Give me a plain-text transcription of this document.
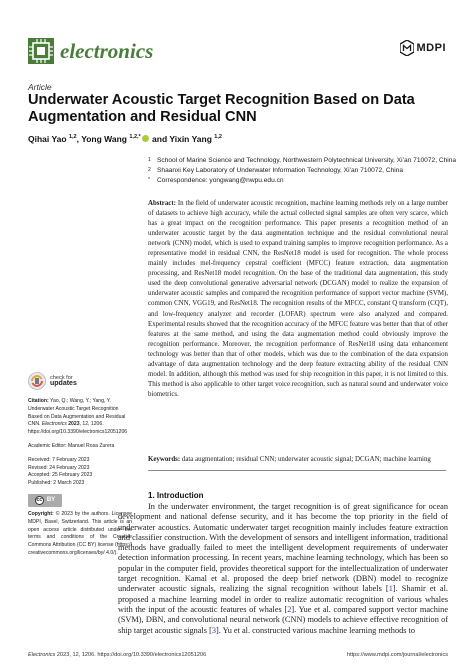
electronics	MDPI
Article
Underwater Acoustic Target Recognition Based on Data Augmentation and Residual CNN
Qihai Yao $^{1,2}$, Yong Wang $^{1,2,*}$ and Yixin Yang $^{1,2}$
1 School of Marine Science and Technology, Northwestern Polytechnical University, Xi’an 710072, China
2 Shaanxi Key Laboratory of Underwater Information Technology, Xi’an 710072, China
* Correspondence: yongwang@nwpu.edu.cn
Abstract: In the field of underwater acoustic recognition, machine learning methods rely on a large number of datasets to achieve high accuracy, while the actual collected signal samples are often very scarce, which has a great impact on the recognition performance. This paper presents a recognition method of an underwater acoustic target by the data augmentation technique and the residual convolutional neural network (CNN) model, which is used to expand training samples to improve recognition performance. As a representative model in residual CNN, the ResNet18 model is used for recognition. The whole process mainly includes mel-frequency cepstral coefficient (MFCC) feature extraction, data augmentation processing, and ResNet18 model recognition. On the base of the traditional data augmentation, this study used the deep convolutional generative adversarial network (DCGAN) model to realize the expansion of underwater acoustic samples and compared the recognition performance of support vector machine (SVM), common CNN, VGG19, and ResNet18. The recognition results of the MFCC, constant Q transform (CQT), and low-frequency analyzer and recorder (LOFAR) spectrum were also analyzed and compared. Experimental results showed that the recognition accuracy of the MFCC feature was better than that of other features at the same method, and using the data augmentation method could obviously improve the recognition performance. Moreover, the recognition performance of ResNet18 using data enhancement technology was better than that of other models, which was due to the combination of the data expansion advantage of data augmentation technology and the deep feature extracting ability of the residual CNN model. In addition, although this method was used for ship recognition in this paper, it is not limited to this. This method is also applicable to other target voice recognition, such as natural sound and underwater voice biometrics.
Keywords: data augmentation; residual CNN; underwater acoustic signal; DCGAN; machine learning
check for
updates
Citation: Yao, Q.; Wang, Y.; Yang, Y. Underwater Acoustic Target Recognition Based on Data Augmentation and Residual CNN. Electronics 2023, 12, 1206. https://doi.org/10.3390/electronics12051206
Academic Editor: Manuel Rosa Zurera
Received: 7 February 2023
Revised: 24 February 2023
Accepted: 25 February 2023
Published: 2 March 2023
cc BY
Copyright: © 2023 by the authors. Licensee MDPI, Basel, Switzerland. This article is an open access article distributed under the terms and conditions of the Creative Commons Attribution (CC BY) license (https:// creativecommons.org/licenses/by/ 4.0/).
1. Introduction
In the underwater environment, the target recognition is of great significance for ocean development and national defense security, and it has become the top priority in the field of underwater acoustics. Automatic underwater target recognition mainly includes feature extraction and classifier construction. With the development of sensors and intelligent information, traditional methods have gradually failed to meet the intelligent development requirements of underwater detection information processing. In recent years, machine learning technology, which has been so popular in the computer field, provides theoretical support for the intellectualization of underwater target recognition. Kamal et al. proposed the deep brief network (DBN) model to recognize underwater acoustic signals, realizing the signal recognition without labels [1]. Shamir et al. proposed a machine learning model in order to realize automatic recognition of various whales with the input of the acoustic features of whales [2]. Yue et al. compared support vector machine (SVM), DBN, and convolutional neural network (CNN) models to achieve effective recognition of ship target acoustic signals [3]. Yu et al. constructed various machine learning methods to
Electronics 2023, 12, 1206. https://doi.org/10.3390/electronics12051206	https://www.mdpi.com/journal/electronics
